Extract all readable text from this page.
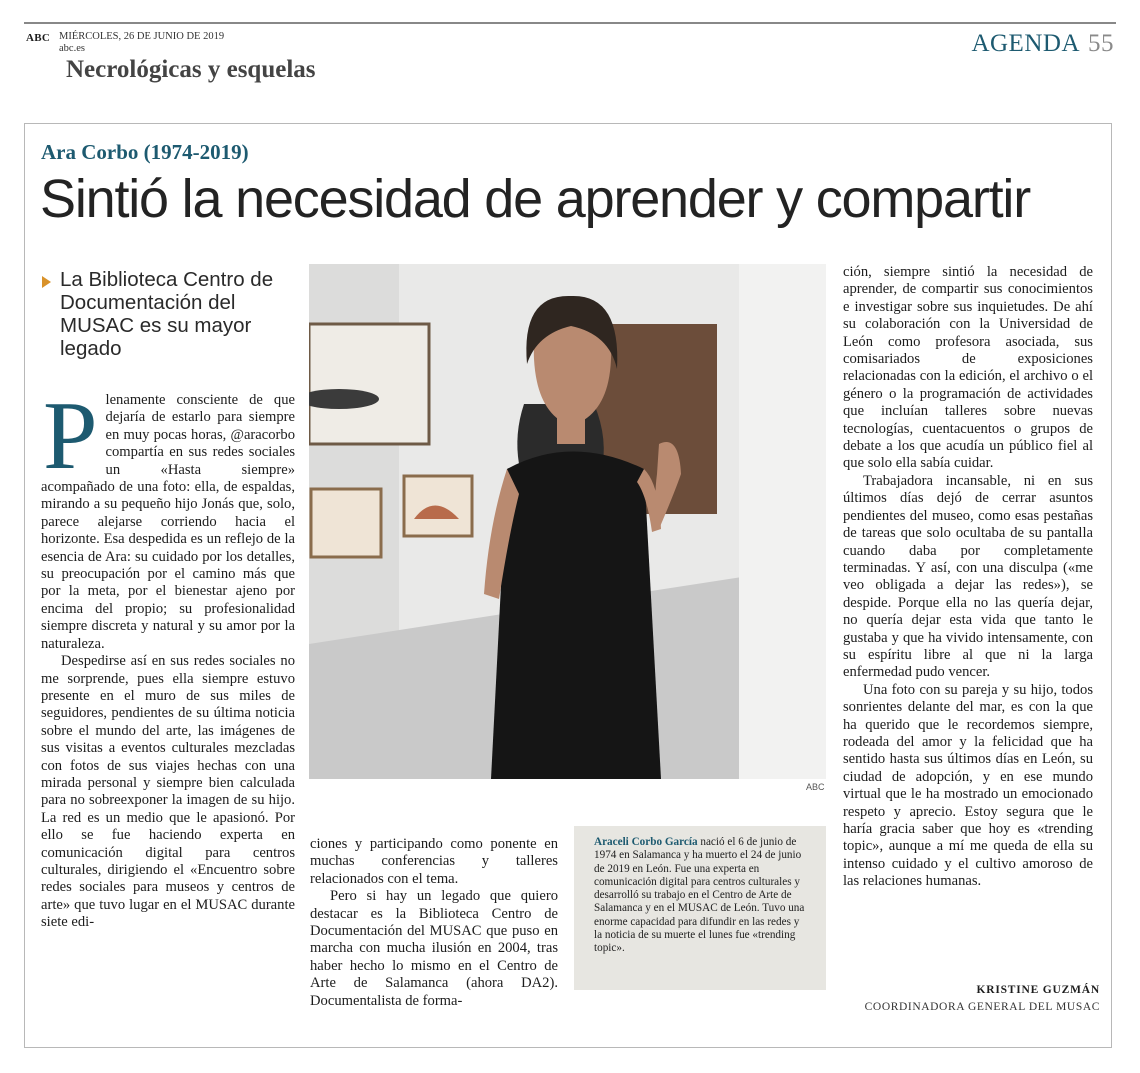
ABC MIÉRCOLES, 26 DE JUNIO DE 2019
abc.es
Necrológicas y esquelas
AGENDA 55
Ara Corbo (1974-2019)
Sintió la necesidad de aprender y compartir
La Biblioteca Centro de Documentación del MUSAC es su mayor legado
P lenamente consciente de que dejaría de estarlo para siempre en muy pocas horas, @aracorbo compartía en sus redes sociales un «Hasta siempre» acompañado de una foto: ella, de espaldas, mirando a su pequeño hijo Jonás que, solo, parece alejarse corriendo hacia el horizonte. Esa despedida es un reflejo de la esencia de Ara: su cuidado por los detalles, su preocupación por el camino más que por la meta, por el bienestar ajeno por encima del propio; su profesionalidad siempre discreta y natural y su amor por la naturaleza.

Despedirse así en sus redes sociales no me sorprende, pues ella siempre estuvo presente en el muro de sus miles de seguidores, pendientes de su última noticia sobre el mundo del arte, las imágenes de sus visitas a eventos culturales mezcladas con fotos de sus viajes hechas con una mirada personal y siempre bien calculada para no sobreexponer la imagen de su hijo. La red es un medio que le apasionó. Por ello se fue haciendo experta en comunicación digital para centros culturales, dirigiendo el «Encuentro sobre redes sociales para museos y centros de arte» que tuvo lugar en el MUSAC durante siete edi-

ABC

ciones y participando como ponente en muchas conferencias y talleres relacionados con el tema.

Pero si hay un legado que quiero destacar es la Biblioteca Centro de Documentación del MUSAC que puso en marcha con mucha ilusión en 2004, tras haber hecho lo mismo en el Centro de Arte de Salamanca (ahora DA2). Documentalista de forma-

Araceli Corbo García nació el 6 de junio de 1974 en Salamanca y ha muerto el 24 de junio de 2019 en León. Fue una experta en comunicación digital para centros culturales y desarrolló su trabajo en el Centro de Arte de Salamanca y en el MUSAC de León. Tuvo una enorme capacidad para difundir en las redes y la noticia de su muerte el lunes fue «trending topic».

ción, siempre sintió la necesidad de aprender, de compartir sus conocimientos e investigar sobre sus inquietudes. De ahí su colaboración con la Universidad de León como profesora asociada, sus comisariados de exposiciones relacionadas con la edición, el archivo o el género o la programación de actividades que incluían talleres sobre nuevas tecnologías, cuentacuentos o grupos de debate a los que acudía un público fiel al que solo ella sabía cuidar.

Trabajadora incansable, ni en sus últimos días dejó de cerrar asuntos pendientes del museo, como esas pestañas de tareas que solo ocultaba de su pantalla cuando daba por completamente terminadas. Y así, con una disculpa («me veo obligada a dejar las redes»), se despide. Porque ella no las quería dejar, no quería dejar esta vida que tanto le gustaba y que ha vivido intensamente, con su espíritu libre al que ni la larga enfermedad pudo vencer.

Una foto con su pareja y su hijo, todos sonrientes delante del mar, es con la que ha querido que le recordemos siempre, rodeada del amor y la felicidad que ha sentido hasta sus últimos días en León, su ciudad de adopción, y en ese mundo virtual que le ha mostrado un emocionado respeto y aprecio. Estoy segura que le haría gracia saber que hoy es «trending topic», aunque a mí me queda de ella su intenso cuidado y el cultivo amoroso de las relaciones humanas.

KRISTINE GUZMÁN
COORDINADORA GENERAL DEL MUSAC
